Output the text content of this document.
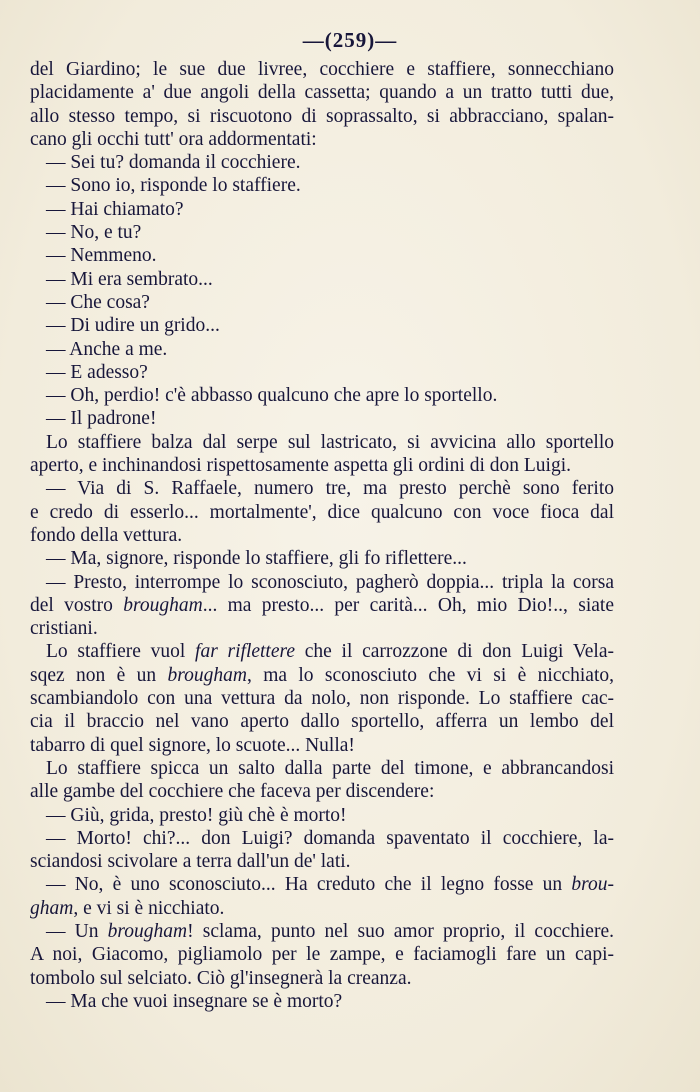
—(259)—
del Giardino; le sue due livree, cocchiere e staffiere, sonnecchiano
placidamente a' due angoli della cassetta; quando a un tratto tutti due,
allo stesso tempo, si riscuotono di soprassalto, si abbracciano, spalan-
cano gli occhi tutt' ora addormentati:
— Sei tu? domanda il cocchiere.
— Sono io, risponde lo staffiere.
— Hai chiamato?
— No, e tu?
— Nemmeno.
— Mi era sembrato...
— Che cosa?
— Di udire un grido...
— Anche a me.
— E adesso?
— Oh, perdio! c'è abbasso qualcuno che apre lo sportello.
— Il padrone!
Lo staffiere balza dal serpe sul lastricato, si avvicina allo sportello
aperto, e inchinandosi rispettosamente aspetta gli ordini di don Luigi.
— Via di S. Raffaele, numero tre, ma presto perchè sono ferito
e credo di esserlo... mortalmente', dice qualcuno con voce fioca dal
fondo della vettura.
— Ma, signore, risponde lo staffiere, gli fo riflettere...
— Presto, interrompe lo sconosciuto, pagherò doppia... tripla la corsa
del vostro brougham... ma presto... per carità... Oh, mio Dio!.., siate
cristiani.
Lo staffiere vuol far riflettere che il carrozzone di don Luigi Vela-
sqez non è un brougham, ma lo sconosciuto che vi si è nicchiato,
scambiandolo con una vettura da nolo, non risponde. Lo staffiere cac-
cia il braccio nel vano aperto dallo sportello, afferra un lembo del
tabarro di quel signore, lo scuote... Nulla!
Lo staffiere spicca un salto dalla parte del timone, e abbrancandosi
alle gambe del cocchiere che faceva per discendere:
— Giù, grida, presto! giù chè è morto!
— Morto! chi?... don Luigi? domanda spaventato il cocchiere, la-
sciandosi scivolare a terra dall'un de' lati.
— No, è uno sconosciuto... Ha creduto che il legno fosse un brou-
gham, e vi si è nicchiato.
— Un brougham! sclama, punto nel suo amor proprio, il cocchiere.
A noi, Giacomo, pigliamolo per le zampe, e faciamogli fare un capi-
tombolo sul selciato. Ciò gl'insegnerà la creanza.
— Ma che vuoi insegnare se è morto?
